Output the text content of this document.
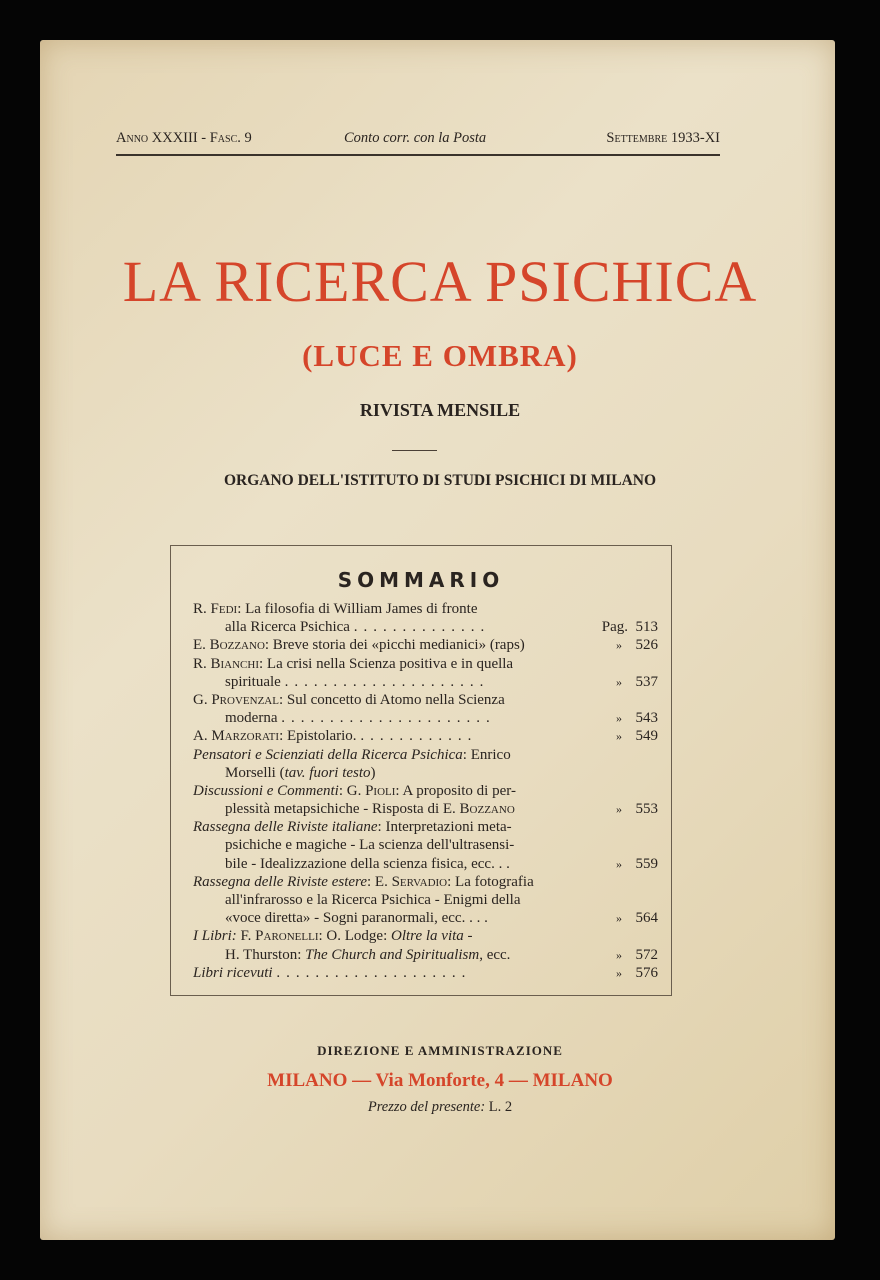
Anno XXXIII - Fasc. 9	Conto corr. con la Posta	Settembre 1933-XI
LA RICERCA PSICHICA
(LUCE E OMBRA)
RIVISTA MENSILE
ORGANO DELL'ISTITUTO DI STUDI PSICHICI DI MILANO
SOMMARIO
R. Fedi: La filosofia di William James di fronte
alla Ricerca Psichica ..............	Pag. 513
E. Bozzano: Breve storia dei «picchi medianici» (raps)	» 526
R. Bianchi: La crisi nella Scienza positiva e in quella
spirituale .....................	» 537
G. Provenzal: Sul concetto di Atomo nella Scienza
moderna ......................	» 543
A. Marzorati: Epistolario. ............	» 549
Pensatori e Scienziati della Ricerca Psichica: Enrico
Morselli (tav. fuori testo)
Discussioni e Commenti: G. Pioli: A proposito di per-
plessità metapsichiche - Risposta di E. Bozzano	» 553
Rassegna delle Riviste italiane: Interpretazioni meta-
psichiche e magiche - La scienza dell'ultrasensi-
bile - Idealizzazione della scienza fisica, ecc. . .	» 559
Rassegna delle Riviste estere: E. Servadio: La fotografia
all'infrarosso e la Ricerca Psichica - Enigmi della
«voce diretta» - Sogni paranormali, ecc. . . .	» 564
I Libri: F. Paronelli: O. Lodge: Oltre la vita -
H. Thurston: The Church and Spiritualism, ecc.	» 572
Libri ricevuti ....................	» 576
DIREZIONE E AMMINISTRAZIONE
MILANO — Via Monforte, 4 — MILANO
Prezzo del presente: L. 2
